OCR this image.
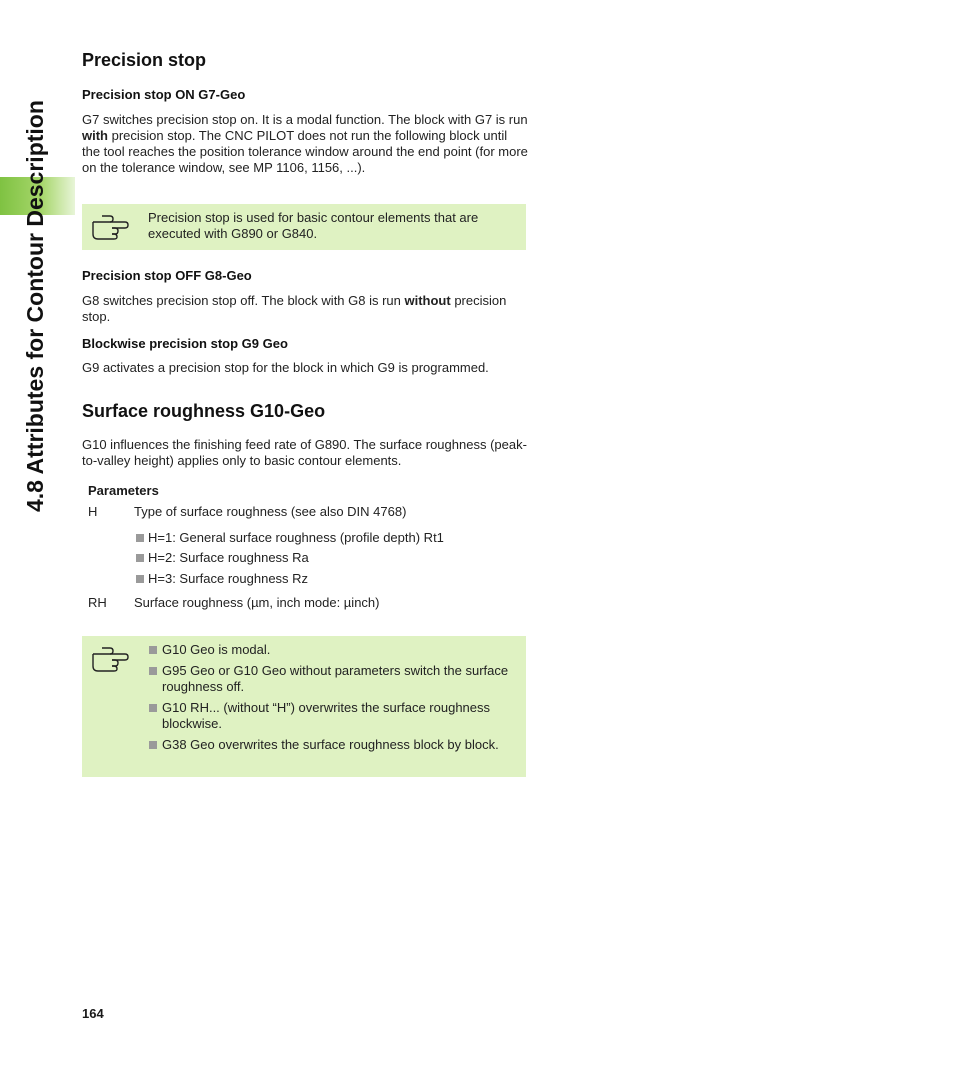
4.8 Attributes for Contour Description
Precision stop
Precision stop ON G7-Geo
G7 switches precision stop on. It is a modal function. The block with G7 is run with precision stop. The CNC PILOT does not run the following block until the tool reaches the position tolerance window around the end point (for more on the tolerance window, see MP 1106, 1156, ...).
Precision stop is used for basic contour elements that are executed with G890 or G840.
Precision stop OFF G8-Geo
G8 switches precision stop off. The block with G8 is run without precision stop.
Blockwise precision stop G9 Geo
G9 activates a precision stop for the block in which G9 is programmed.
Surface roughness G10-Geo
G10 influences the finishing feed rate of G890. The surface roughness (peak-to-valley height) applies only to basic contour elements.
Parameters
H	Type of surface roughness (see also DIN 4768)
H=1: General surface roughness (profile depth) Rt1
H=2: Surface roughness Ra
H=3: Surface roughness Rz
RH Surface roughness (µm, inch mode: µinch)
G10 Geo is modal.
G95 Geo or G10 Geo without parameters switch the surface roughness off.
G10 RH... (without “H”) overwrites the surface roughness blockwise.
G38 Geo overwrites the surface roughness block by block.
164
